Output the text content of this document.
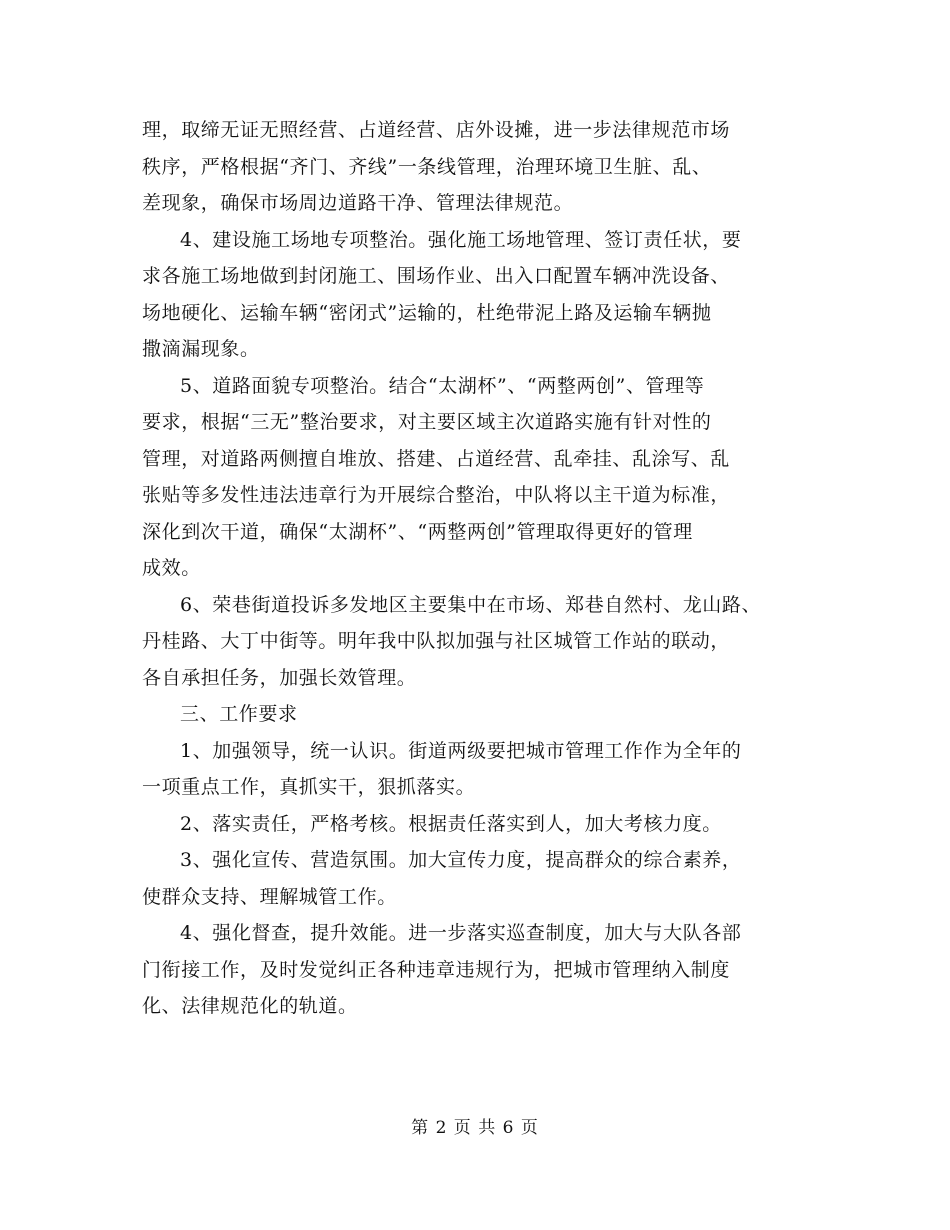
理，取缔无证无照经营、占道经营、店外设摊，进一步法律规范市场
秩序，严格根据“齐门、齐线”一条线管理，治理环境卫生脏、乱、
差现象，确保市场周边道路干净、管理法律规范。
4、建设施工场地专项整治。强化施工场地管理、签订责任状，要
求各施工场地做到封闭施工、围场作业、出入口配置车辆冲洗设备、
场地硬化、运输车辆“密闭式”运输的，杜绝带泥上路及运输车辆抛
撒滴漏现象。
5、道路面貌专项整治。结合“太湖杯”、“两整两创”、管理等
要求，根据“三无”整治要求，对主要区域主次道路实施有针对性的
管理，对道路两侧擅自堆放、搭建、占道经营、乱牵挂、乱涂写、乱
张贴等多发性违法违章行为开展综合整治，中队将以主干道为标准，
深化到次干道，确保“太湖杯”、“两整两创”管理取得更好的管理
成效。
6、荣巷街道投诉多发地区主要集中在市场、郑巷自然村、龙山路、
丹桂路、大丁中街等。明年我中队拟加强与社区城管工作站的联动，
各自承担任务，加强长效管理。
三、工作要求
1、加强领导，统一认识。街道两级要把城市管理工作作为全年的
一项重点工作，真抓实干，狠抓落实。
2、落实责任，严格考核。根据责任落实到人，加大考核力度。
3、强化宣传、营造氛围。加大宣传力度，提高群众的综合素养，
使群众支持、理解城管工作。
4、强化督查，提升效能。进一步落实巡查制度，加大与大队各部
门衔接工作，及时发觉纠正各种违章违规行为，把城市管理纳入制度
化、法律规范化的轨道。
第 2 页 共 6 页
